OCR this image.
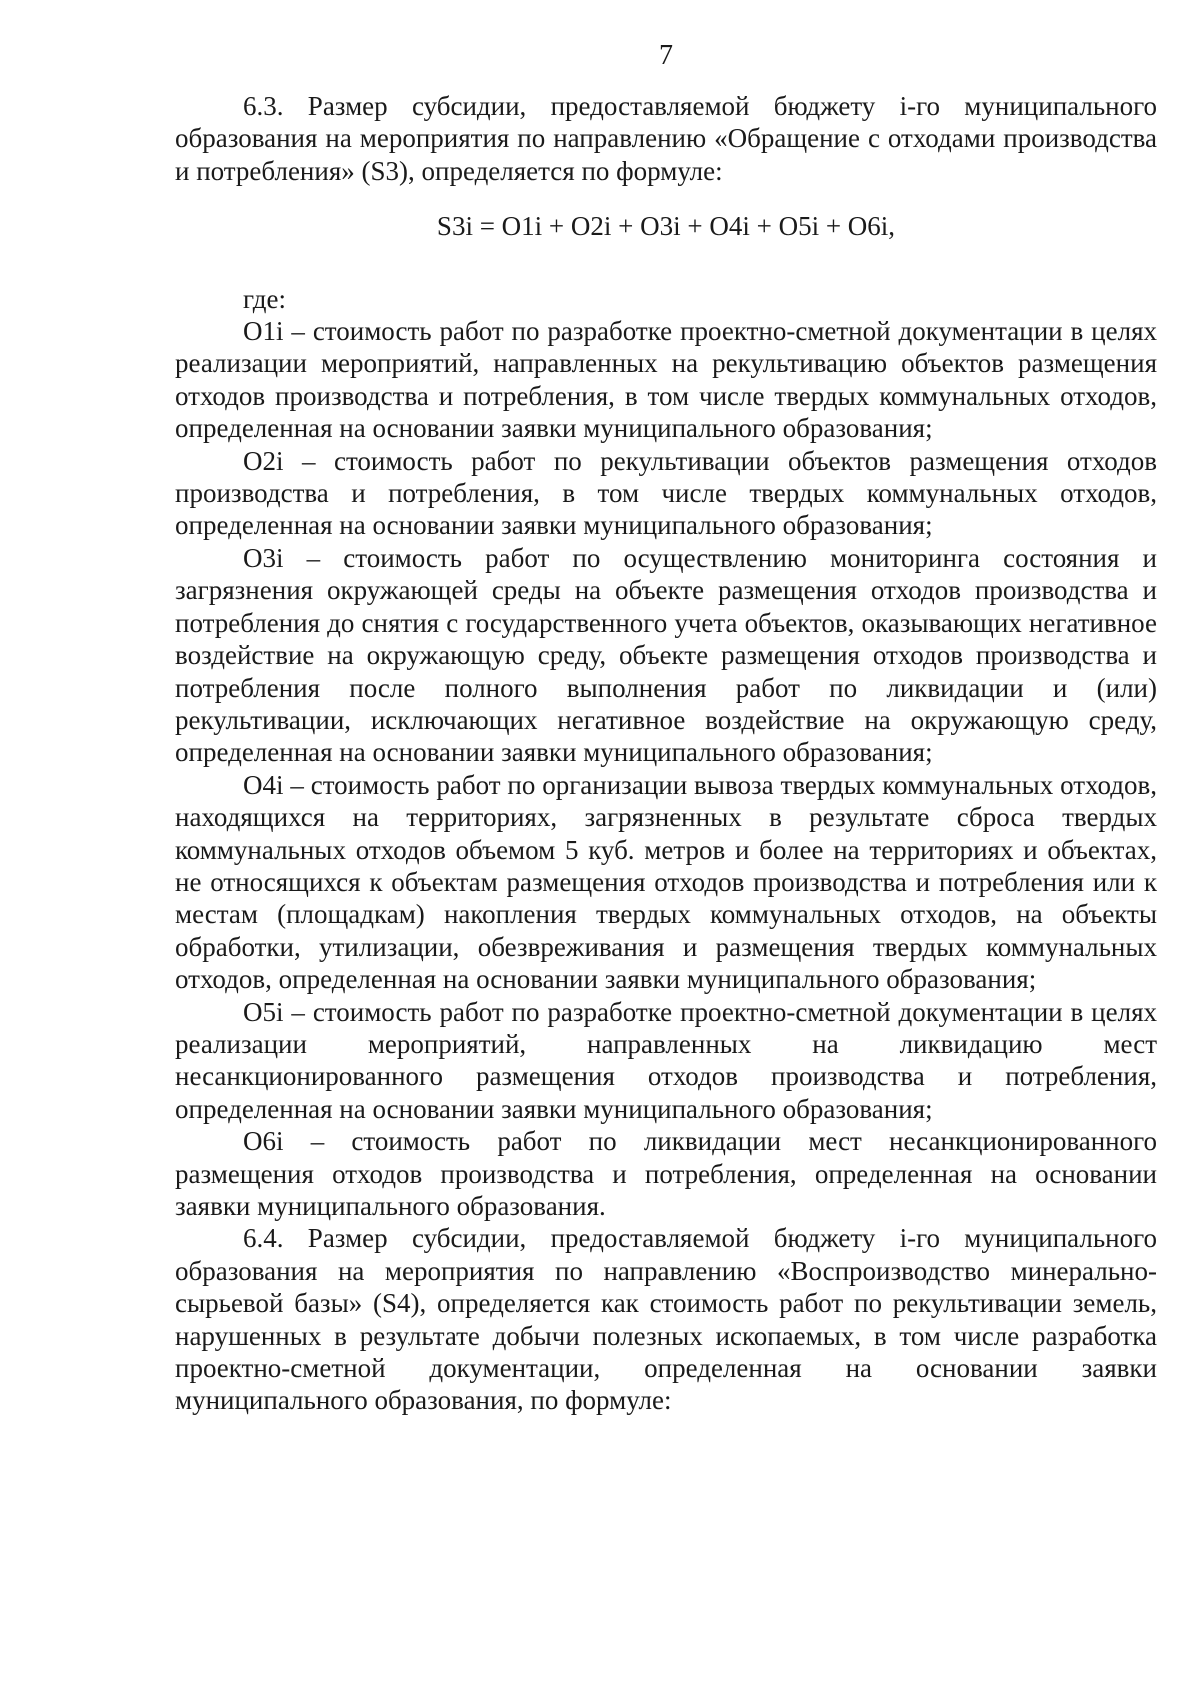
7

6.3. Размер субсидии, предоставляемой бюджету i-го муниципального образования на мероприятия по направлению «Обращение с отходами производства и потребления» (S3), определяется по формуле:

S3i = O1i + O2i + O3i + O4i + O5i + O6i,

где:

O1i – стоимость работ по разработке проектно-сметной документации в целях реализации мероприятий, направленных на рекультивацию объектов размещения отходов производства и потребления, в том числе твердых коммунальных отходов, определенная на основании заявки муниципального образования;

O2i – стоимость работ по рекультивации объектов размещения отходов производства и потребления, в том числе твердых коммунальных отходов, определенная на основании заявки муниципального образования;

O3i – стоимость работ по осуществлению мониторинга состояния и загрязнения окружающей среды на объекте размещения отходов производства и потребления до снятия с государственного учета объектов, оказывающих негативное воздействие на окружающую среду, объекте размещения отходов производства и потребления после полного выполнения работ по ликвидации и (или) рекультивации, исключающих негативное воздействие на окружающую среду, определенная на основании заявки муниципального образования;

O4i – стоимость работ по организации вывоза твердых коммунальных отходов, находящихся на территориях, загрязненных в результате сброса твердых коммунальных отходов объемом 5 куб. метров и более на территориях и объектах, не относящихся к объектам размещения отходов производства и потребления или к местам (площадкам) накопления твердых коммунальных отходов, на объекты обработки, утилизации, обезвреживания и размещения твердых коммунальных отходов, определенная на основании заявки муниципального образования;

O5i – стоимость работ по разработке проектно-сметной документации в целях реализации мероприятий, направленных на ликвидацию мест несанкционированного размещения отходов производства и потребления, определенная на основании заявки муниципального образования;

O6i – стоимость работ по ликвидации мест несанкционированного размещения отходов производства и потребления, определенная на основании заявки муниципального образования.

6.4. Размер субсидии, предоставляемой бюджету i-го муниципального образования на мероприятия по направлению «Воспроизводство минерально-сырьевой базы» (S4), определяется как стоимость работ по рекультивации земель, нарушенных в результате добычи полезных ископаемых, в том числе разработка проектно-сметной документации, определенная на основании заявки муниципального образования, по формуле:
